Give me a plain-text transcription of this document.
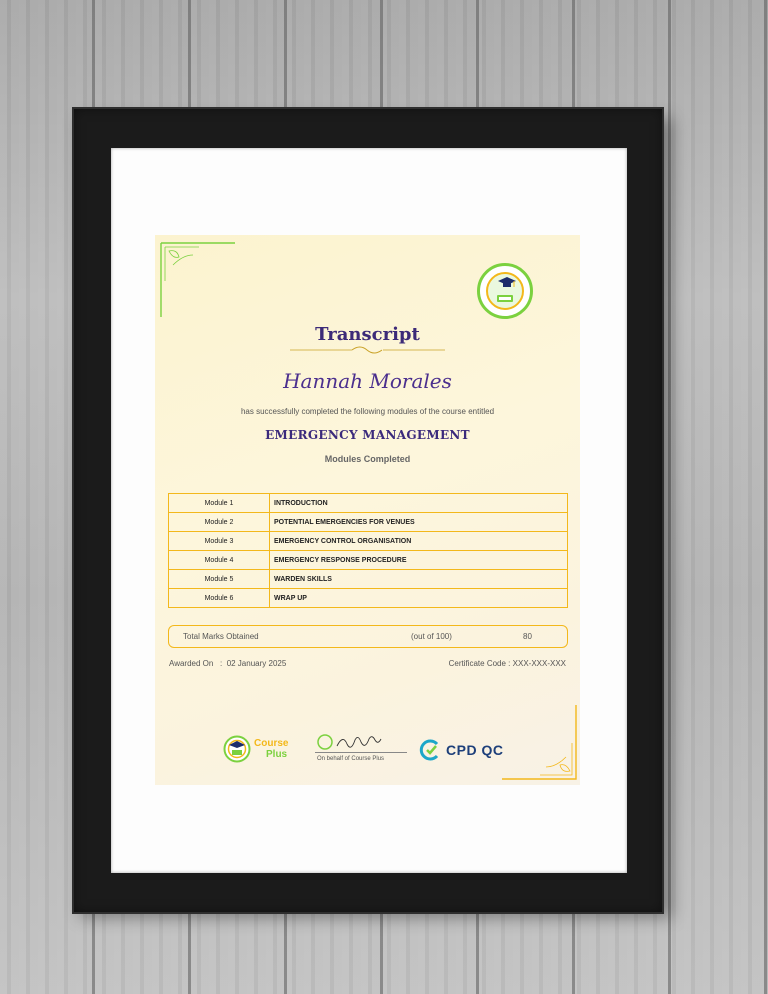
Transcript
Hannah Morales
has successfully completed the following modules of the course entitled
EMERGENCY MANAGEMENT
Modules Completed
Module 1	INTRODUCTION
Module 2	POTENTIAL EMERGENCIES FOR VENUES
Module 3	EMERGENCY CONTROL ORGANISATION
Module 4	EMERGENCY RESPONSE PROCEDURE
Module 5	WARDEN SKILLS
Module 6	WRAP UP
Total Marks Obtained	(out of 100)	80
Awarded On : 02 January 2025	Certificate Code : XXX-XXX-XXX
Course
Plus	On behalf of Course Plus
CPD QC
